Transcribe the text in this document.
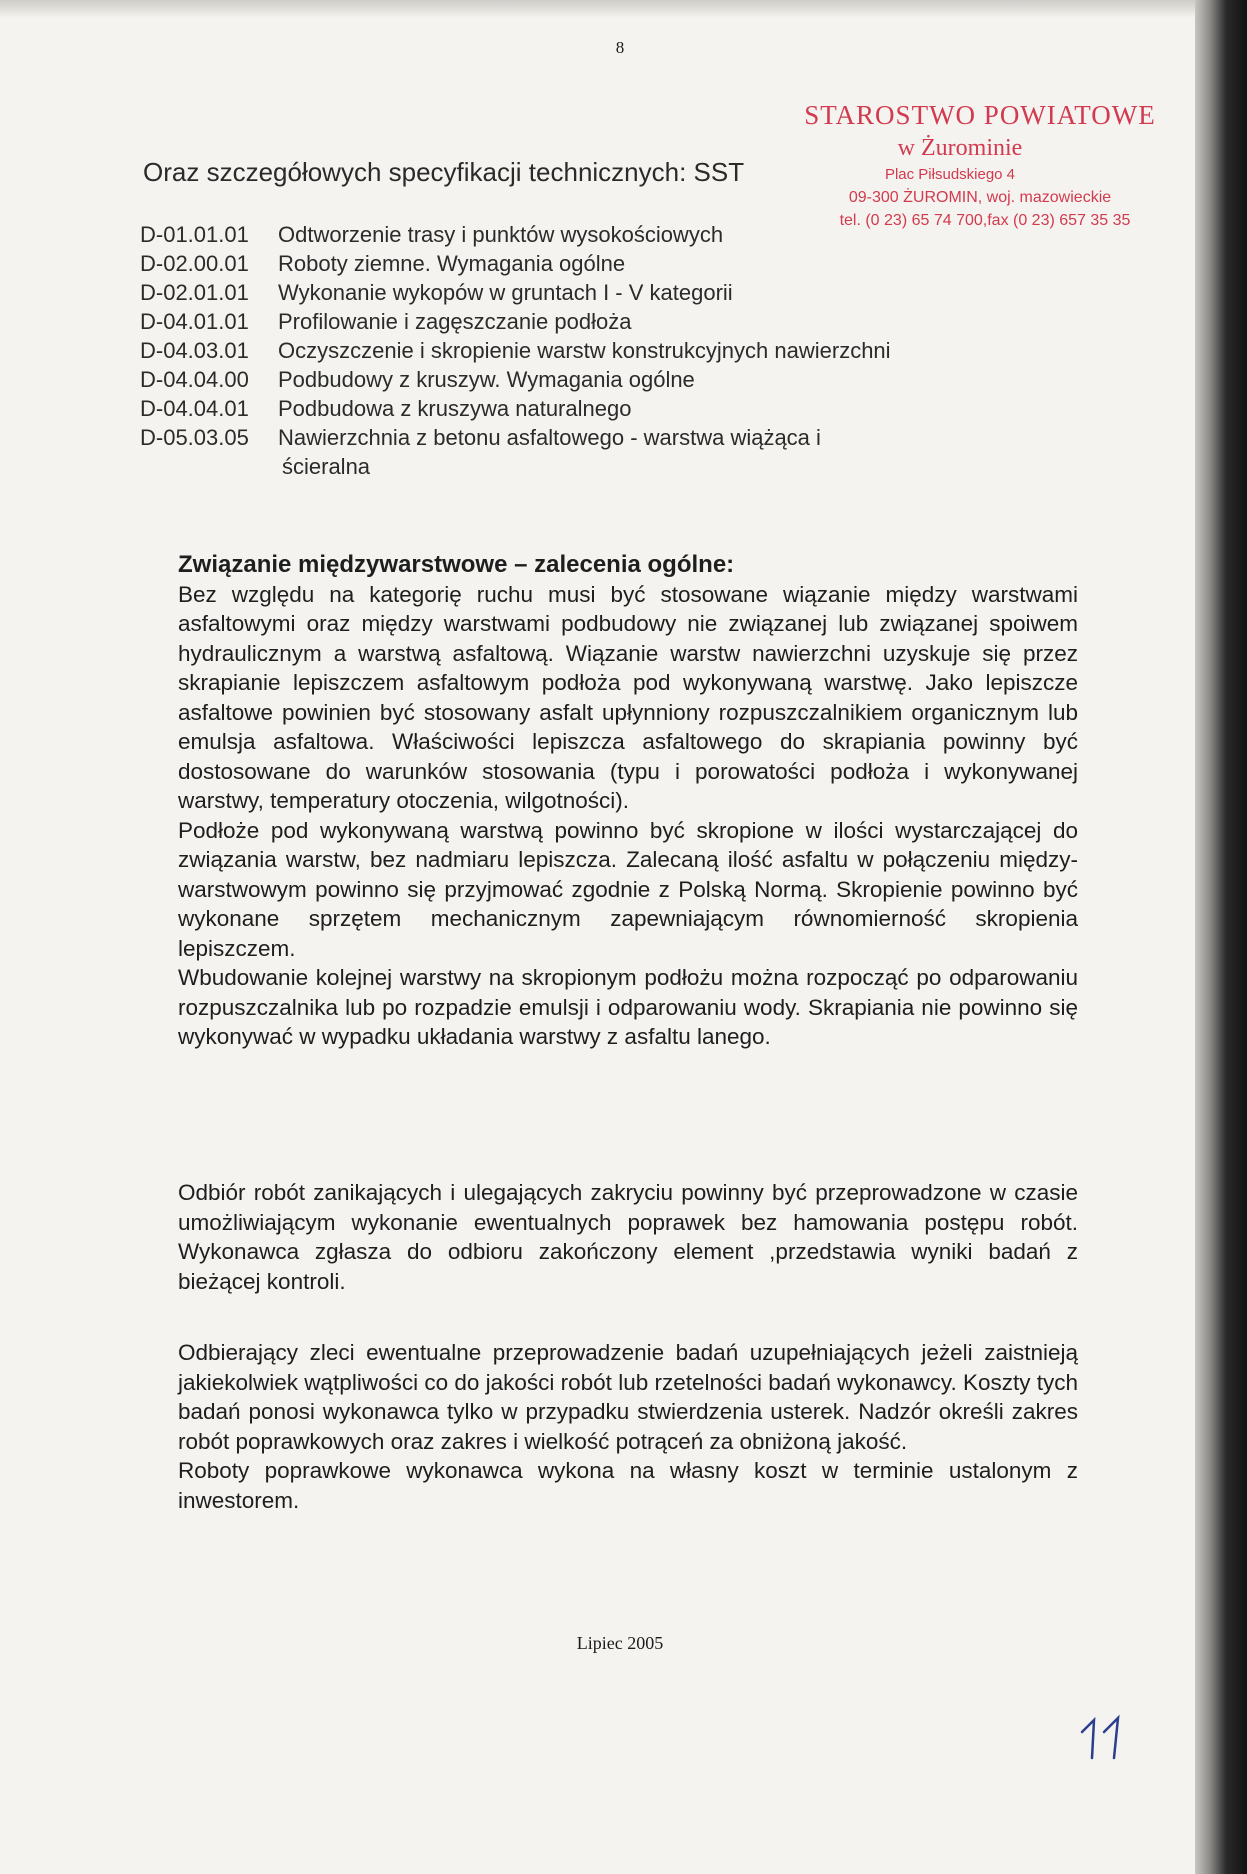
8
STAROSTWO POWIATOWE
w Żurominie
Plac Piłsudskiego 4
09-300 ŻUROMIN, woj. mazowieckie
tel. (0 23) 65 74 700,fax (0 23) 657 35 35
Oraz szczegółowych specyfikacji technicznych: SST
D-01.01.01 Odtworzenie trasy i punktów wysokościowych
D-02.00.01 Roboty ziemne. Wymagania ogólne
D-02.01.01 Wykonanie wykopów w gruntach I - V kategorii
D-04.01.01 Profilowanie i zagęszczanie podłoża
D-04.03.01 Oczyszczenie i skropienie warstw konstrukcyjnych nawierzchni
D-04.04.00 Podbudowy z kruszyw. Wymagania ogólne
D-04.04.01 Podbudowa z kruszywa naturalnego
D-05.03.05 Nawierzchnia z betonu asfaltowego - warstwa wiążąca i
ścieralna

Związanie międzywarstwowe – zalecenia ogólne:

Bez względu na kategorię ruchu musi być stosowane wiązanie między warstwami asfaltowymi oraz między warstwami podbudowy nie związanej lub związanej spoiwem hydraulicznym a warstwą asfaltową. Wiązanie warstw nawierzchni uzyskuje się przez skrapianie lepiszczem asfaltowym podłoża pod wykonywaną warstwę. Jako lepiszcze asfaltowe powinien być stosowany asfalt upłynniony rozpuszczalnikiem organicznym lub emulsja asfaltowa. Właściwości lepiszcza asfaltowego do skrapiania powinny być dostosowane do warunków stosowania (typu i porowatości podłoża i wykonywanej warstwy, temperatury otoczenia, wilgotności).

Podłoże pod wykonywaną warstwą powinno być skropione w ilości wystarczającej do związania warstw, bez nadmiaru lepiszcza. Zalecaną ilość asfaltu w połączeniu między-warstwowym powinno się przyjmować zgodnie z Polską Normą. Skropienie powinno być wykonane sprzętem mechanicznym zapewniającym równomierność skropienia lepiszczem.

Wbudowanie kolejnej warstwy na skropionym podłożu można rozpocząć po odparowaniu rozpuszczalnika lub po rozpadzie emulsji i odparowaniu wody. Skrapiania nie powinno się wykonywać w wypadku układania warstwy z asfaltu lanego.

Odbiór robót zanikających i ulegających zakryciu powinny być przeprowadzone w czasie umożliwiającym wykonanie ewentualnych poprawek bez hamowania postępu robót. Wykonawca zgłasza do odbioru zakończony element ,przedstawia wyniki badań z bieżącej kontroli.

Odbierający zleci ewentualne przeprowadzenie badań uzupełniających jeżeli zaistnieją jakiekolwiek wątpliwości co do jakości robót lub rzetelności badań wykonawcy. Koszty tych badań ponosi wykonawca tylko w przypadku stwierdzenia usterek. Nadzór określi zakres robót poprawkowych oraz zakres i wielkość potrąceń za obniżoną jakość.

Roboty poprawkowe wykonawca wykona na własny koszt w terminie ustalonym z inwestorem.

Lipiec 2005
